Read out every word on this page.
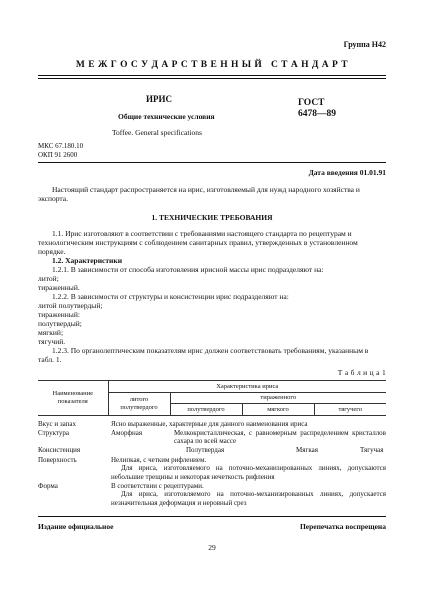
Группа Н42
М Е Ж Г О С У Д А Р С Т В Е Н Н Ы Й   С Т А Н Д А Р Т
ИРИС
Общие технические условия
Toffee. General specifications
ГОСТ
6478—89
МКС 67.180.10
ОКП 91 2600
Дата введения 01.01.91
Настоящий стандарт распространяется на ирис, изготовляемый для нужд народного хозяйства и экспорта.
1. ТЕХНИЧЕСКИЕ ТРЕБОВАНИЯ
1.1. Ирис изготовляют в соответствии с требованиями настоящего стандарта по рецептурам и технологическим инструкциям с соблюдением санитарных правил, утвержденных в установленном порядке.
1.2. Характеристики
1.2.1. В зависимости от способа изготовления ирисной массы ирис подразделяют на:
литой;
тираженный.
1.2.2. В зависимости от структуры и консистенции ирис подразделяют на:
литой полутвердый;
тираженный:
полутвердый;
мягкий;
тягучий.
1.2.3. По органолептическим показателям ирис должен соответствовать требованиям, указанным в табл. 1.
Т а б л и ц а 1
Наименование показателя	Характеристика ириса			
	литого полутвердого	тираженного		
		полутвердого	мягкого	тягучего
Вкус и запах	Ясно выраженные, характерные для данного наименования ириса
Структура	Аморфная	Мелкокристаллическая, с равномерным распределением кристаллов сахара по всей массе
Консистенция	Полутвердая	Мягкая	Тягучая
Поверхность	Нелипкая, с четким рифлением.
Для ириса, изготовляемого на поточно-механизированных линиях, допускаются небольшие трещины и некоторая нечеткость рифления
Форма	В соответствии с рецептурами.
Для ириса, изготовляемого на поточно-механизированных линиях, допускается незначительная деформация и неровный срез
Издание официальное	Перепечатка воспрещена
29
